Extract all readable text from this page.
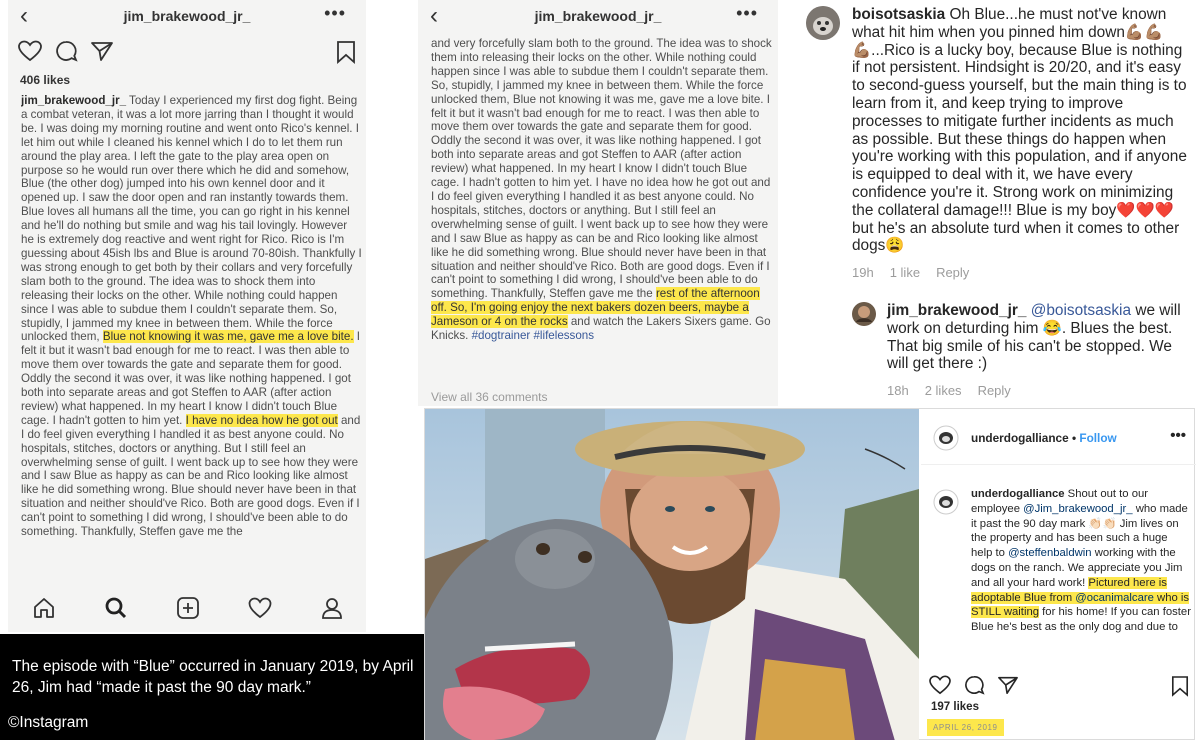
‹	jim_brakewood_jr_	•••
406 likes
jim_brakewood_jr_ Today I experienced my first dog fight. Being a combat veteran, it was a lot more jarring than I thought it would be. I was doing my morning routine and went onto Rico's kennel. I let him out while I cleaned his kennel which I do to let them run around the play area. I left the gate to the play area open on purpose so he would run over there which he did and somehow, Blue (the other dog) jumped into his own kennel door and it opened up. I saw the door open and ran instantly towards them. Blue loves all humans all the time, you can go right in his kennel and he'll do nothing but smile and wag his tail lovingly. However he is extremely dog reactive and went right for Rico. Rico is I'm guessing about 45ish lbs and Blue is around 70-80ish. Thankfully I was strong enough to get both by their collars and very forcefully slam both to the ground. The idea was to shock them into releasing their locks on the other. While nothing could happen since I was able to subdue them I couldn't separate them. So, stupidly, I jammed my knee in between them. While the force unlocked them, Blue not knowing it was me, gave me a love bite. I felt it but it wasn't bad enough for me to react. I was then able to move them over towards the gate and separate them for good. Oddly the second it was over, it was like nothing happened. I got both into separate areas and got Steffen to AAR (after action review) what happened. In my heart I know I didn't touch Blue cage. I hadn't gotten to him yet. I have no idea how he got out and I do feel given everything I handled it as best anyone could. No hospitals, stitches, doctors or anything. But I still feel an overwhelming sense of guilt. I went back up to see how they were and I saw Blue as happy as can be and Rico looking like almost like he did something wrong. Blue should never have been in that situation and neither should've Rico. Both are good dogs. Even if I can't point to something I did wrong, I should've been able to do something. Thankfully, Steffen gave me the
‹	jim_brakewood_jr_	•••
and very forcefully slam both to the ground. The idea was to shock them into releasing their locks on the other. While nothing could happen since I was able to subdue them I couldn't separate them. So, stupidly, I jammed my knee in between them. While the force unlocked them, Blue not knowing it was me, gave me a love bite. I felt it but it wasn't bad enough for me to react. I was then able to move them over towards the gate and separate them for good. Oddly the second it was over, it was like nothing happened. I got both into separate areas and got Steffen to AAR (after action review) what happened. In my heart I know I didn't touch Blue cage. I hadn't gotten to him yet. I have no idea how he got out and I do feel given everything I handled it as best anyone could. No hospitals, stitches, doctors or anything. But I still feel an overwhelming sense of guilt. I went back up to see how they were and I saw Blue as happy as can be and Rico looking like almost like he did something wrong. Blue should never have been in that situation and neither should've Rico. Both are good dogs. Even if I can't point to something I did wrong, I should've been able to do something. Thankfully, Steffen gave me the rest of the afternoon off. So, I'm going enjoy the next bakers dozen beers, maybe a Jameson or 4 on the rocks and watch the Lakers Sixers game. Go Knicks. #dogtrainer #lifelessons
View all 36 comments
boisotsaskia Oh Blue...he must not've known what hit him when you pinned him down💪🏽💪🏽💪🏽...Rico is a lucky boy, because Blue is nothing if not persistent. Hindsight is 20/20, and it's easy to second-guess yourself, but the main thing is to learn from it, and keep trying to improve processes to mitigate further incidents as much as possible. But these things do happen when you're working with this population, and if anyone is equipped to deal with it, we have every confidence you're it. Strong work on minimizing the collateral damage!!! Blue is my boy❤️❤️❤️ but he's an absolute turd when it comes to other dogs😩
19h 1 like Reply
jim_brakewood_jr_ @boisotsaskia we will work on deturding him 😂. Blues the best. That big smile of his can't be stopped. We will get there :)
18h 2 likes Reply
underdogalliance • Follow	•••
underdogalliance Shout out to our employee @Jim_brakewood_jr_ who made it past the 90 day mark 👏🏻👏🏻 Jim lives on the property and has been such a huge help to @steffenbaldwin working with the dogs on the ranch. We appreciate you Jim and all your hard work! Pictured here is adoptable Blue from @ocanimalcare who is STILL waiting for his home! If you can foster Blue he's best as the only dog and due to
197 likes
APRIL 26, 2019
The episode with “Blue” occurred in January 2019, by April 26, Jim had “made it past the 90 day mark.”
©Instagram
